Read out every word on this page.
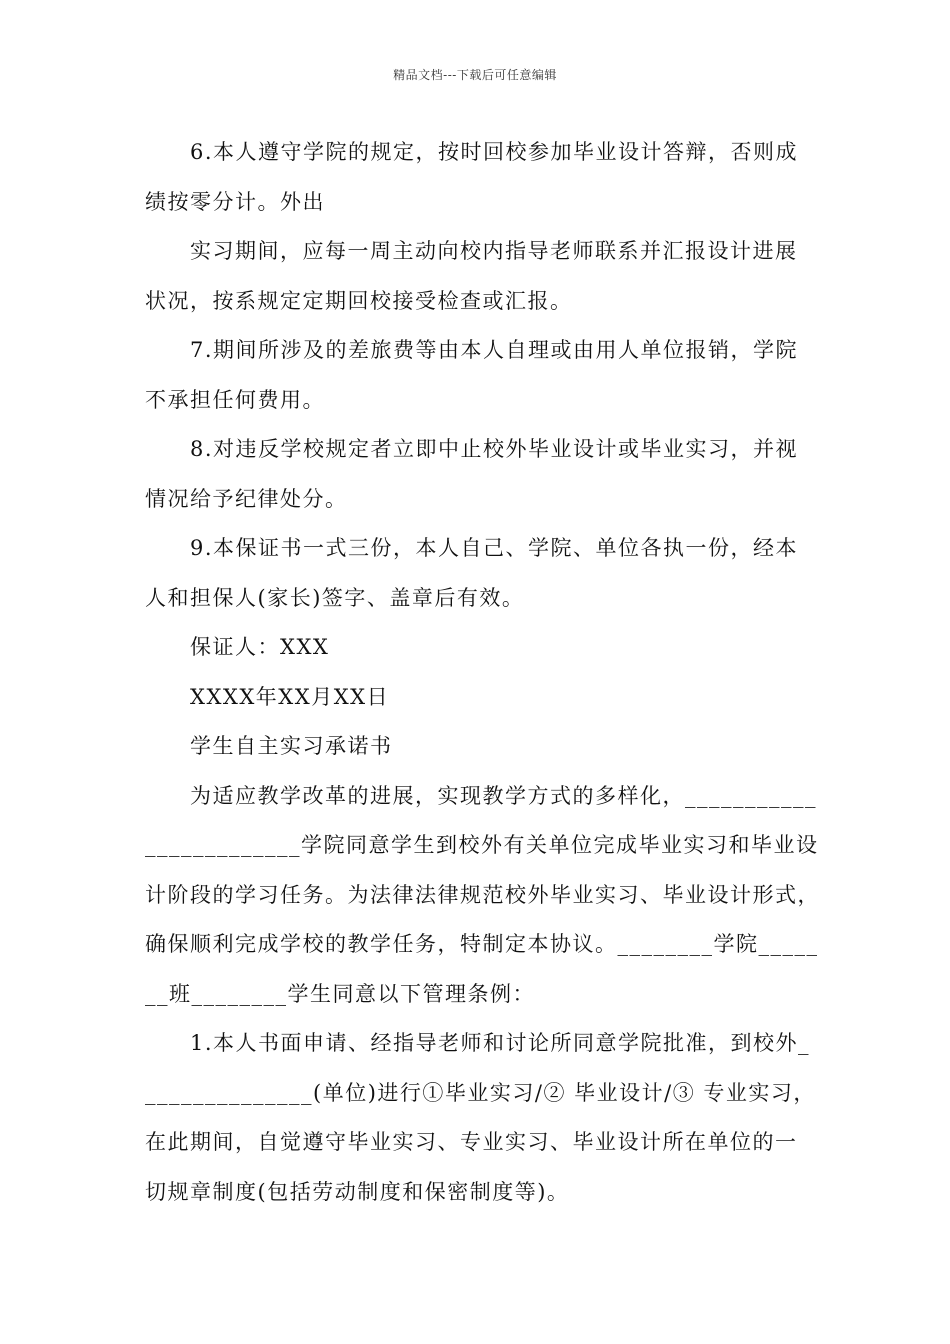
精品文档---下载后可任意编辑

6.本人遵守学院的规定，按时回校参加毕业设计答辩，否则成
绩按零分计。外出

实习期间，应每一周主动向校内指导老师联系并汇报设计进展
状况，按系规定定期回校接受检查或汇报。

7.期间所涉及的差旅费等由本人自理或由用人单位报销，学院
不承担任何费用。

8.对违反学校规定者立即中止校外毕业设计或毕业实习，并视
情况给予纪律处分。

9.本保证书一式三份，本人自己、学院、单位各执一份，经本
人和担保人(家长)签字、盖章后有效。

保证人：XXX

XXXX年XX月XX日

学生自主实习承诺书

为适应教学改革的进展，实现教学方式的多样化，___________
_____________学院同意学生到校外有关单位完成毕业实习和毕业设
计阶段的学习任务。为法律法律规范校外毕业实习、毕业设计形式，
确保顺利完成学校的教学任务，特制定本协议。________学院_____
__班________学生同意以下管理条例：

1.本人书面申请、经指导老师和讨论所同意学院批准，到校外_
______________(单位)进行①毕业实习/② 毕业设计/③ 专业实习，
在此期间，自觉遵守毕业实习、专业实习、毕业设计所在单位的一
切规章制度(包括劳动制度和保密制度等)。
